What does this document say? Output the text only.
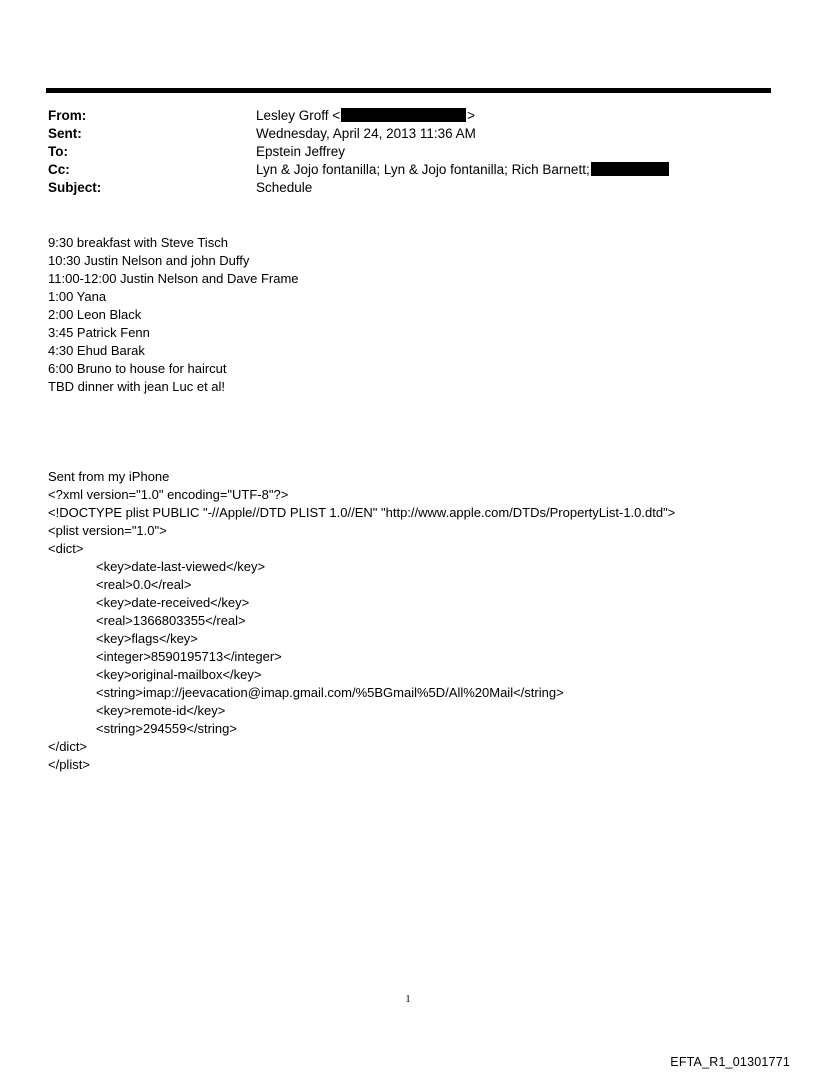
From:	Lesley Groff <	>
Sent:	Wednesday, April 24, 2013 11:36 AM
To:	Epstein Jeffrey
Cc:	Lyn & Jojo fontanilla; Lyn & Jojo fontanilla; Rich Barnett;
Subject:	Schedule
9:30 breakfast with Steve Tisch
10:30 Justin Nelson and john Duffy
11:00-12:00 Justin Nelson and Dave Frame
1:00 Yana
2:00 Leon Black
3:45 Patrick Fenn
4:30 Ehud Barak
6:00 Bruno to house for haircut
TBD dinner with jean Luc et al!
Sent from my iPhone
<?xml version="1.0" encoding="UTF-8"?>
<!DOCTYPE plist PUBLIC "-//Apple//DTD PLIST 1.0//EN" "http://www.apple.com/DTDs/PropertyList-1.0.dtd">
<plist version="1.0">
<dict>
<key>date-last-viewed</key>
<real>0.0</real>
<key>date-received</key>
<real>1366803355</real>
<key>flags</key>
<integer>8590195713</integer>
<key>original-mailbox</key>
<string>imap://jeevacation@imap.gmail.com/%5BGmail%5D/All%20Mail</string>
<key>remote-id</key>
<string>294559</string>
</dict>
</plist>
1
EFTA_R1_01301771
